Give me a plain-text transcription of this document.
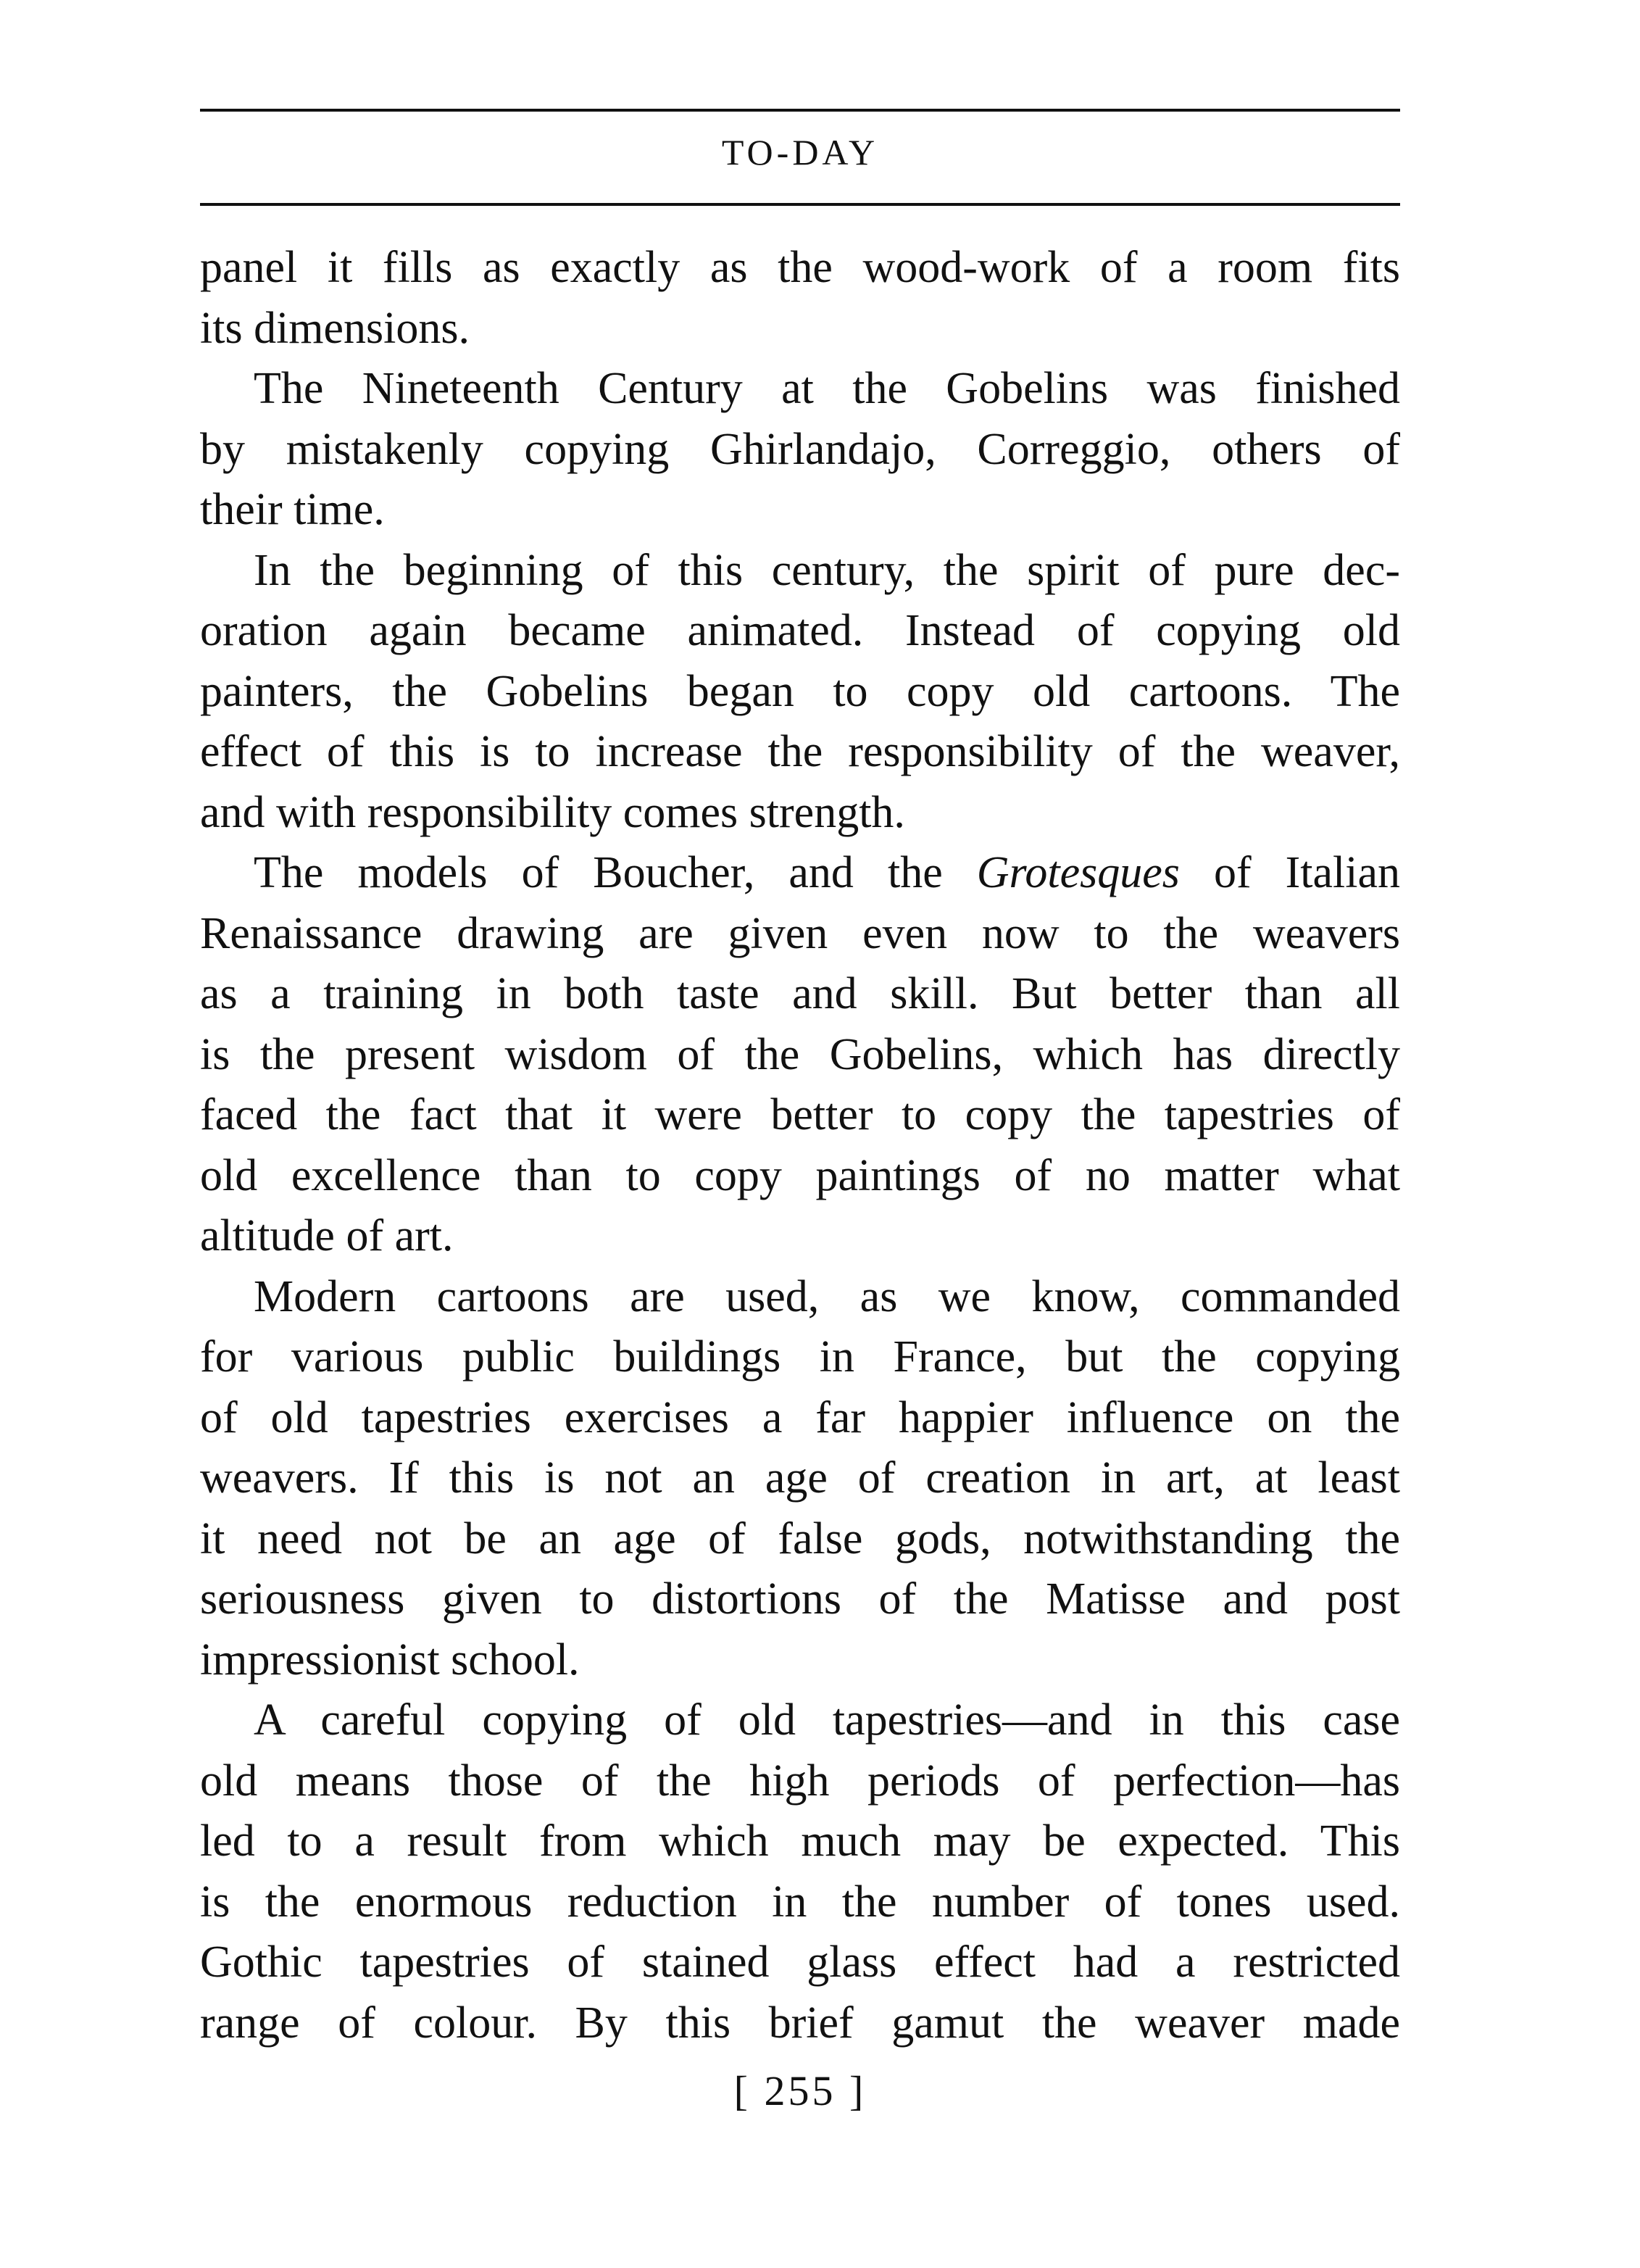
TO-DAY
panel it fills as exactly as the wood-work of a room fits
its dimensions.
The Nineteenth Century at the Gobelins was finished
by mistakenly copying Ghirlandajo, Correggio, others of
their time.
In the beginning of this century, the spirit of pure dec-
oration again became animated. Instead of copying old
painters, the Gobelins began to copy old cartoons. The
effect of this is to increase the responsibility of the weaver,
and with responsibility comes strength.
The models of Boucher, and the Grotesques of Italian
Renaissance drawing are given even now to the weavers
as a training in both taste and skill. But better than all
is the present wisdom of the Gobelins, which has directly
faced the fact that it were better to copy the tapestries of
old excellence than to copy paintings of no matter what
altitude of art.
Modern cartoons are used, as we know, commanded
for various public buildings in France, but the copying
of old tapestries exercises a far happier influence on the
weavers. If this is not an age of creation in art, at least
it need not be an age of false gods, notwithstanding the
seriousness given to distortions of the Matisse and post
impressionist school.
A careful copying of old tapestries—and in this case
old means those of the high periods of perfection—has
led to a result from which much may be expected. This
is the enormous reduction in the number of tones used.
Gothic tapestries of stained glass effect had a restricted
range of colour. By this brief gamut the weaver made
[ 255 ]
